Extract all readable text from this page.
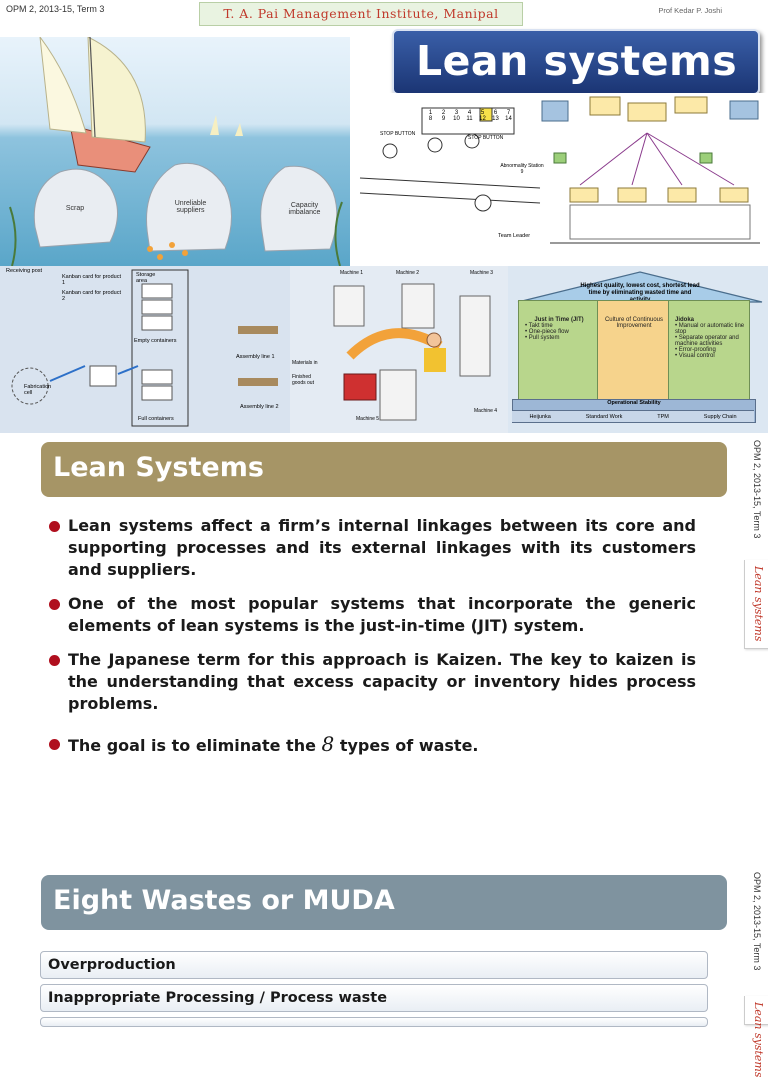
OPM 2, 2013-15, Term 3	T. A. Pai Management Institute, Manipal	Prof Kedar P. Joshi
Scrap
Unreliable suppliers
Capacity imbalance
Lean systems
1	2	3	4	5	6	7
8	9	10	11	12	13	14
STOP BUTTON
STOP BUTTON
Abnormality Station 9
Team Leader
Receiving post
Kanban card for product 1
Kanban card for product 2
Storage area
Empty containers
Full containers
Fabrication cell
Assembly line 1
Assembly line 2
Machine 1	Machine 2	Machine 3
Machine 4
Machine 5
Materials in
Finished goods out
Highest quality, lowest cost, shortest lead time by eliminating wasted time and
Just in Time (JIT)
• Takt time
• One-piece flow
• Pull system
Culture of Continuous Improvement
Jidoka
• Manual or automatic line stop
• Separate operator and machine activities
• Error-proofing
• Visual control
Operational Stability
Heijunka	Standard Work	TPM	Supply Chain
Lean Systems
Lean systems affect a firm’s internal linkages between its core and supporting processes and its external linkages with its customers and suppliers.
One of the most popular systems that incorporate the generic elements of lean systems is the just-in-time (JIT) system.
The Japanese term for this approach is Kaizen. The key to kaizen is the understanding that excess capacity or inventory hides process problems.
The goal is to eliminate the 8 types of waste.
OPM 2, 2013-15, Term 3
Lean systems
OPM 2, 2013-15, Term 3
Lean systems
Eight Wastes or MUDA
Overproduction
Inappropriate Processing / Process waste
